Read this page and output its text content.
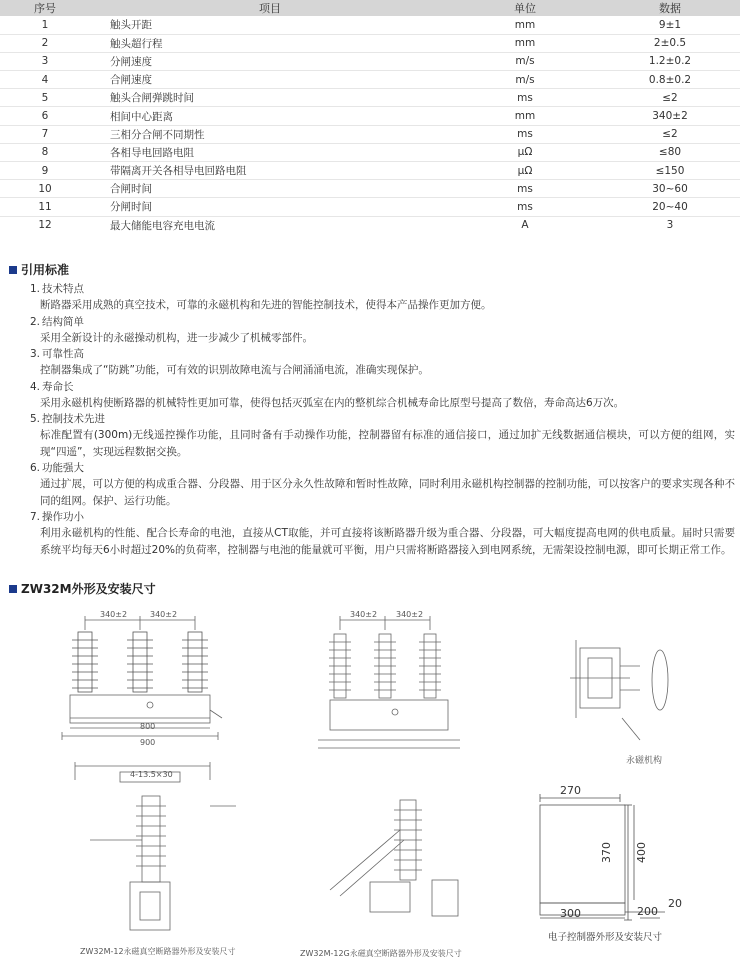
序号	项目	单位	数据
1	触头开距	mm	9±1
2	触头超行程	mm	2±0.5
3	分闸速度	m/s	1.2±0.2
4	合闸速度	m/s	0.8±0.2
5	触头合闸弹跳时间	ms	≤2
6	相间中心距离	mm	340±2
7	三相分合闸不同期性	ms	≤2
8	各相导电回路电阻	μΩ	≤80
9	带隔离开关各相导电回路电阻	μΩ	≤150
10	合闸时间	ms	30~60
11	分闸时间	ms	20~40
12	最大储能电容充电电流	A	3
引用标准
1. 技术特点
断路器采用成熟的真空技术，可靠的永磁机构和先进的智能控制技术，使得本产品操作更加方便。
2. 结构简单
采用全新设计的永磁操动机构，进一步减少了机械零部件。
3. 可靠性高
控制器集成了“防跳”功能，可有效的识别故障电流与合闸涌涌电流，准确实现保护。
4. 寿命长
采用永磁机构使断路器的机械特性更加可靠，使得包括灭弧室在内的整机综合机械寿命比原型号提高了数倍，寿命高达6万次。
5. 控制技术先进
标准配置有(300m)无线遥控操作功能，且同时备有手动操作功能，控制器留有标准的通信接口，通过加扩无线数据通信模块，可以方便的组网，实现“四遥”，实现远程数据交换。
6. 功能强大
通过扩展，可以方便的构成重合器、分段器、用于区分永久性故障和暂时性故障，同时利用永磁机构控制器的控制功能，可以按客户的要求实现各种不同的组网。保护、运行功能。
7. 操作功小
利用永磁机构的性能、配合长寿命的电池，直接从CT取能，并可直接将该断路器升级为重合器、分段器，可大幅度提高电网的供电质量。届时只需要系统平均每天6小时超过20%的负荷率，控制器与电池的能量就可平衡，用户只需将断路器接入到电网系统，无需架设控制电源，即可长期正常工作。
ZW32M外形及安装尺寸
340±2	340±2	340±2 340±2
800
900
4-13.5×30
永磁机构
ZW32M-12永磁真空断路器外形及安装尺寸	ZW32M-12G永磁真空断路器外形及安装尺寸
270
400
370
300	200
20
电子控制器外形及安装尺寸
